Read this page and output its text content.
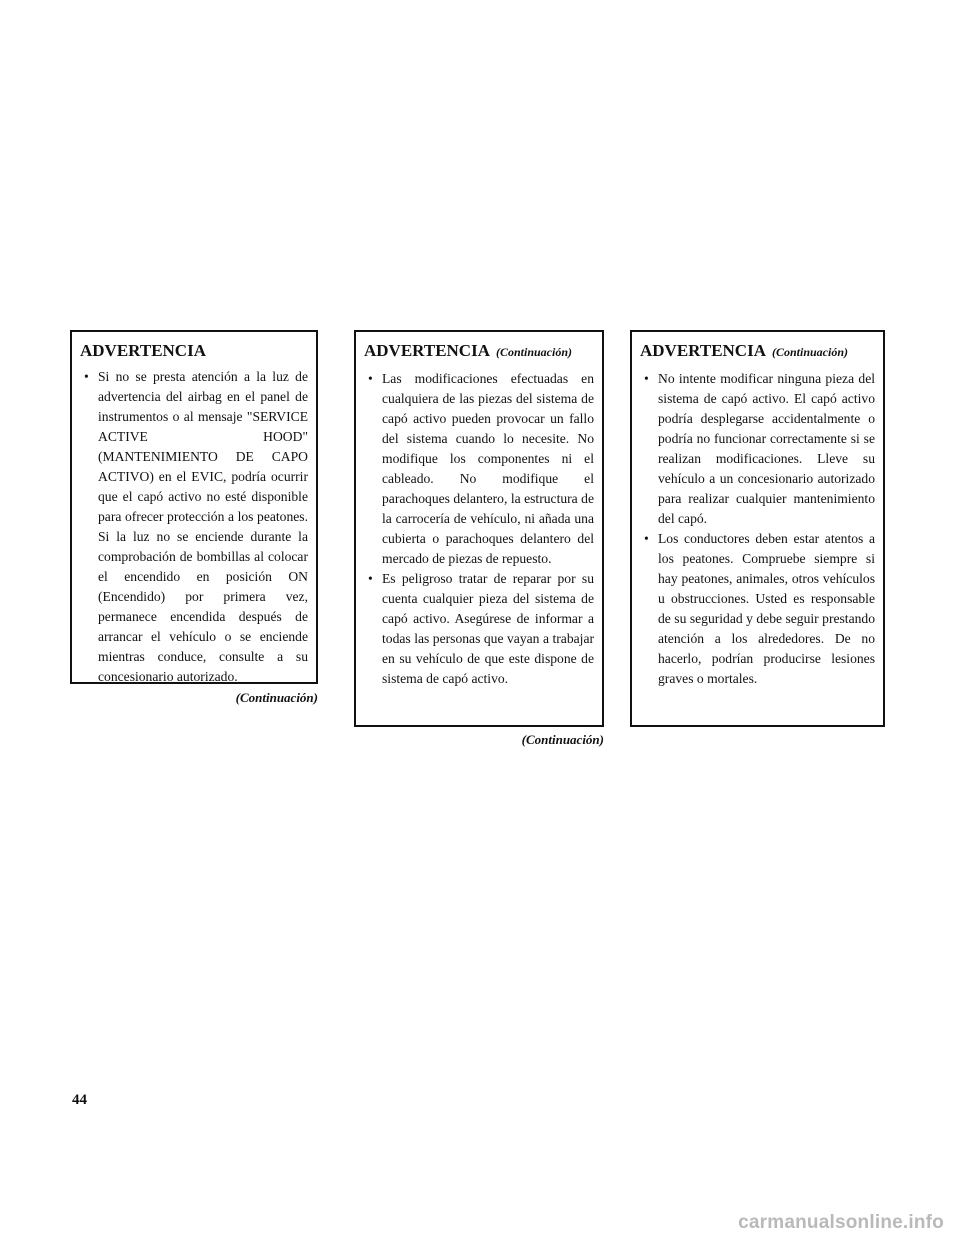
ADVERTENCIA
• Si no se presta atención a la luz de advertencia del airbag en el panel de instrumentos o al mensaje "SERVICE ACTIVE HOOD" (MANTENIMIENTO DE CAPO ACTIVO) en el EVIC, podría ocurrir que el capó activo no esté disponible para ofrecer protección a los peatones. Si la luz no se enciende durante la comprobación de bombillas al colocar el encendido en posición ON (Encendido) por primera vez, permanece encendida después de arrancar el vehículo o se enciende mientras conduce, consulte a su concesionario autorizado.
(Continuación)
ADVERTENCIA (Continuación)
• Las modificaciones efectuadas en cualquiera de las piezas del sistema de capó activo pueden provocar un fallo del sistema cuando lo necesite. No modifique los componentes ni el cableado. No modifique el parachoques delantero, la estructura de la carrocería de vehículo, ni añada una cubierta o parachoques delantero del mercado de piezas de repuesto.
• Es peligroso tratar de reparar por su cuenta cualquier pieza del sistema de capó activo. Asegúrese de informar a todas las personas que vayan a trabajar en su vehículo de que este dispone de sistema de capó activo.
(Continuación)
ADVERTENCIA (Continuación)
• No intente modificar ninguna pieza del sistema de capó activo. El capó activo podría desplegarse accidentalmente o podría no funcionar correctamente si se realizan modificaciones. Lleve su vehículo a un concesionario autorizado para realizar cualquier mantenimiento del capó.
• Los conductores deben estar atentos a los peatones. Compruebe siempre si hay peatones, animales, otros vehículos u obstrucciones. Usted es responsable de su seguridad y debe seguir prestando atención a los alrededores. De no hacerlo, podrían producirse lesiones graves o mortales.
44
carmanualsonline.info
